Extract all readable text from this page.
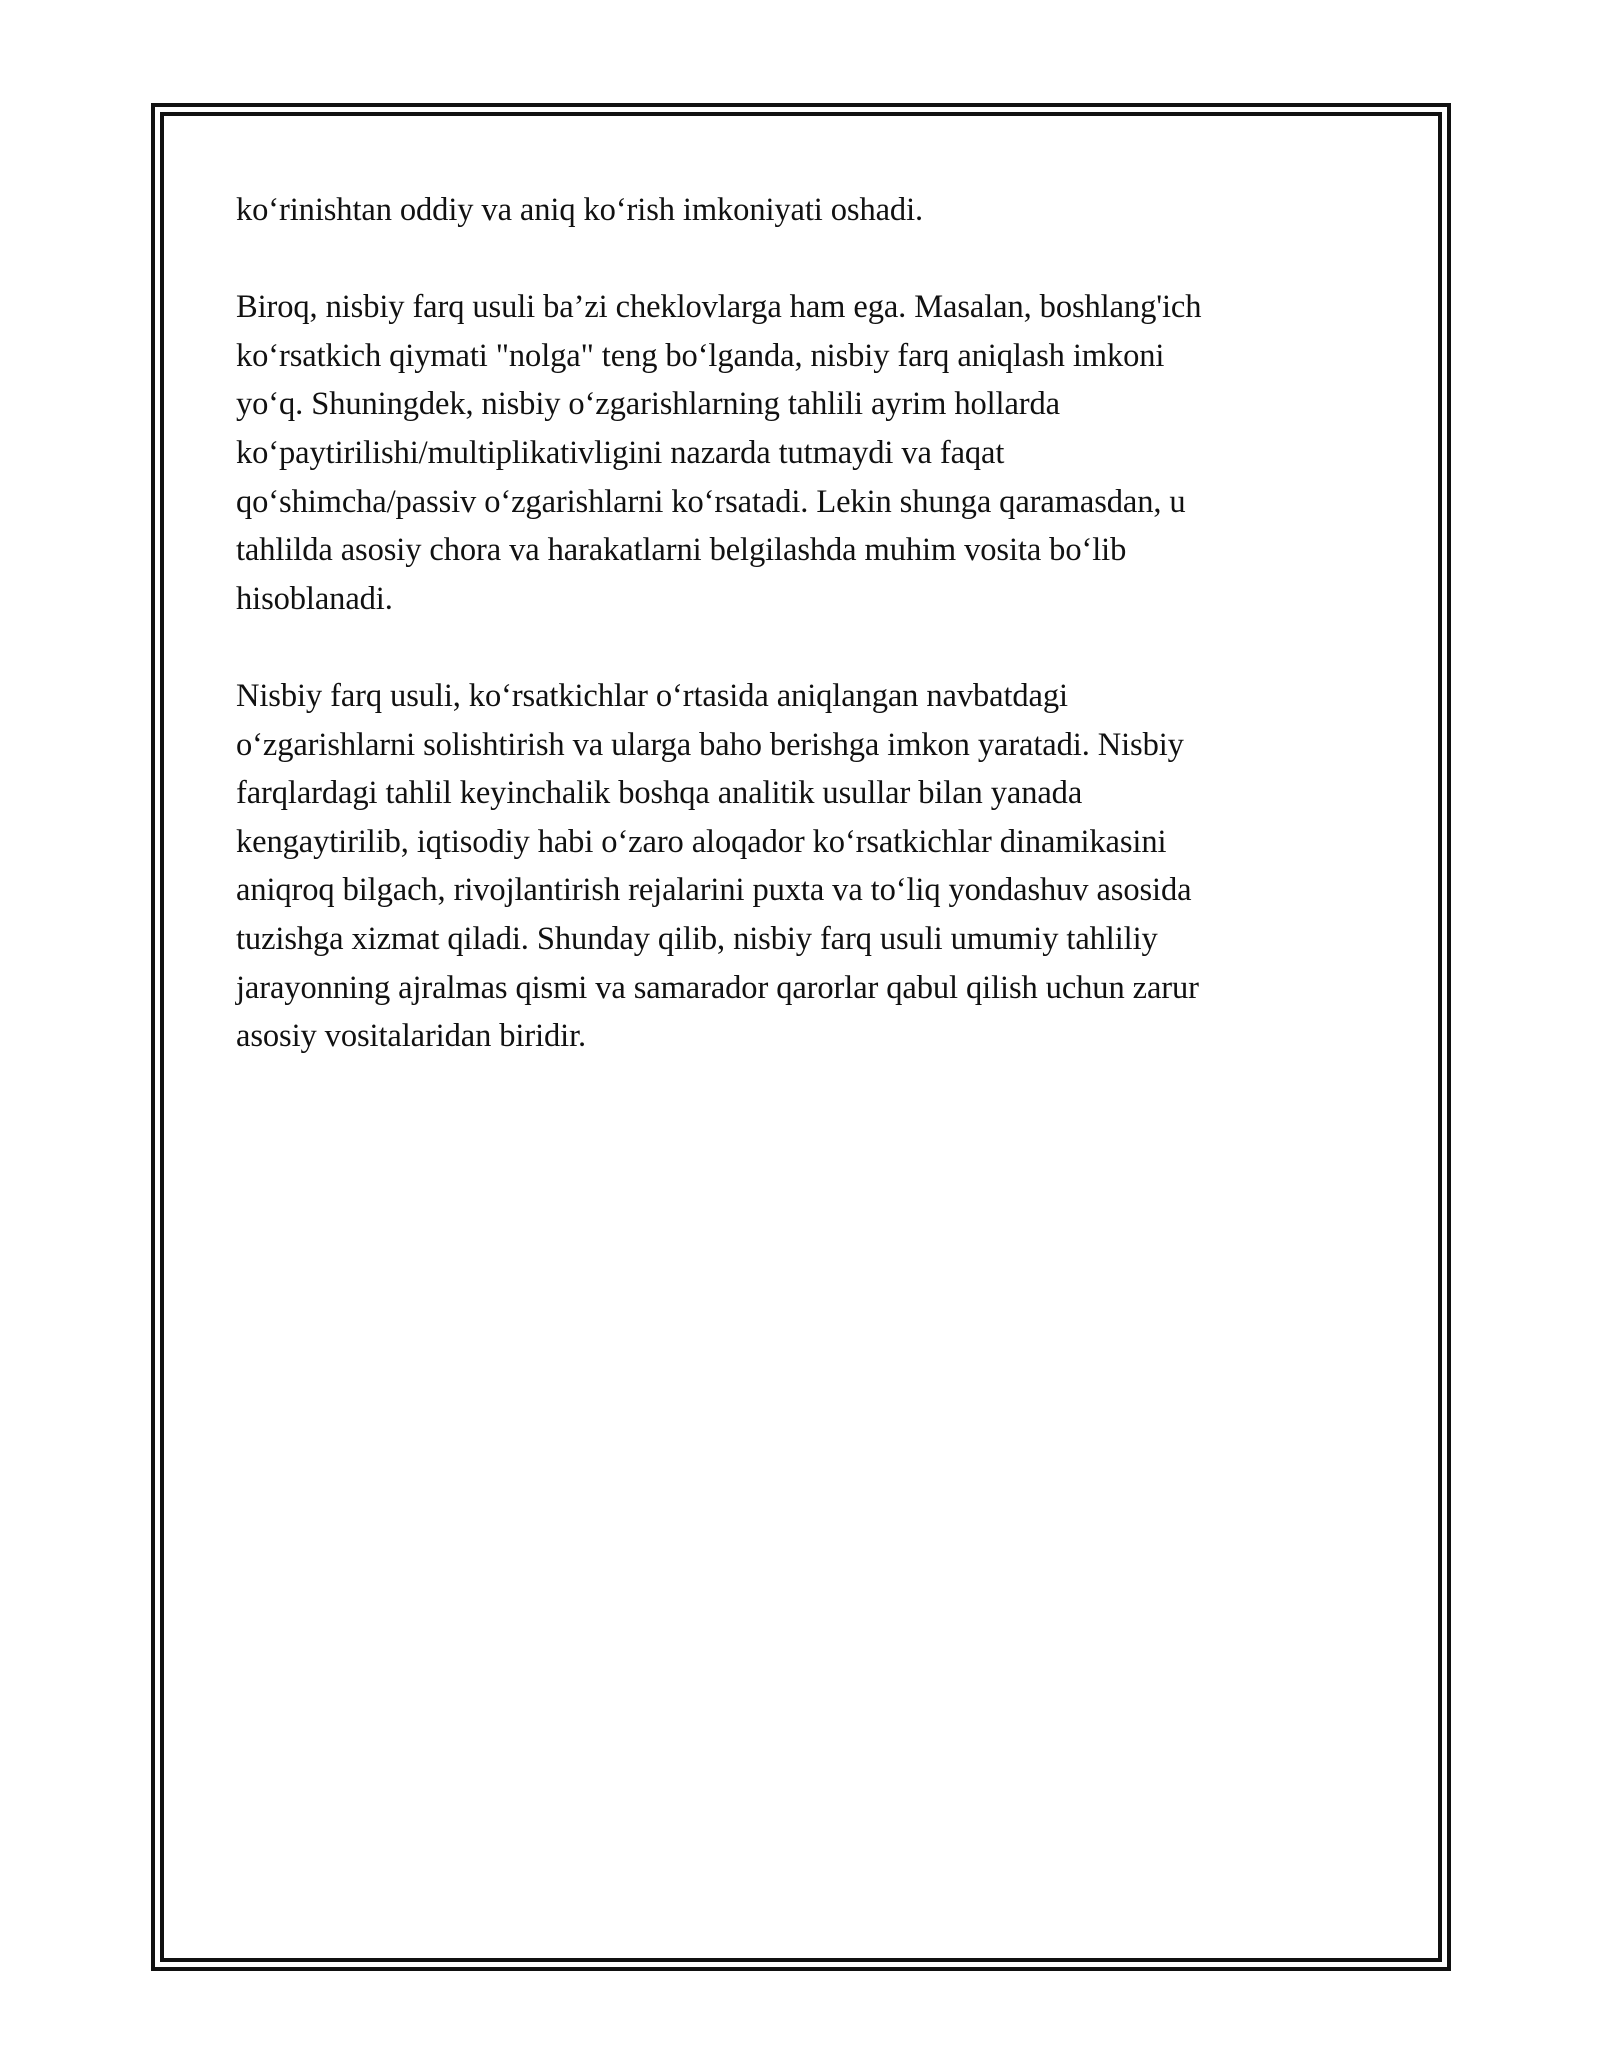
ko‘rinishtan oddiy va aniq ko‘rish imkoniyati oshadi.

Biroq, nisbiy farq usuli ba’zi cheklovlarga ham ega. Masalan, boshlang'ich
ko‘rsatkich qiymati "nolga" teng bo‘lganda, nisbiy farq aniqlash imkoni
yo‘q. Shuningdek, nisbiy o‘zgarishlarning tahlili ayrim hollarda
ko‘paytirilishi/multiplikativligini nazarda tutmaydi va faqat
qo‘shimcha/passiv o‘zgarishlarni ko‘rsatadi. Lekin shunga qaramasdan, u
tahlilda asosiy chora va harakatlarni belgilashda muhim vosita bo‘lib
hisoblanadi.

Nisbiy farq usuli, ko‘rsatkichlar o‘rtasida aniqlangan navbatdagi
o‘zgarishlarni solishtirish va ularga baho berishga imkon yaratadi. Nisbiy
farqlardagi tahlil keyinchalik boshqa analitik usullar bilan yanada
kengaytirilib, iqtisodiy habi o‘zaro aloqador ko‘rsatkichlar dinamikasini
aniqroq bilgach, rivojlantirish rejalarini puxta va to‘liq yondashuv asosida
tuzishga xizmat qiladi. Shunday qilib, nisbiy farq usuli umumiy tahliliy
jarayonning ajralmas qismi va samarador qarorlar qabul qilish uchun zarur
asosiy vositalaridan biridir.
